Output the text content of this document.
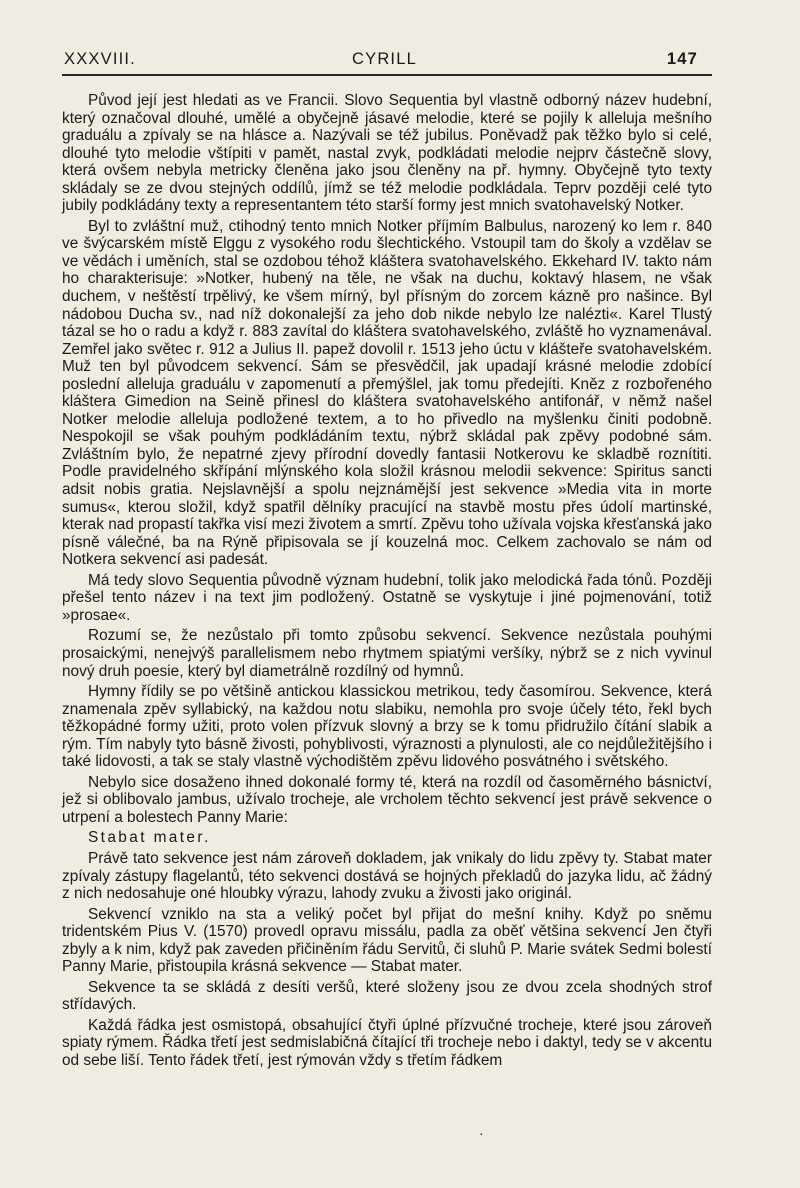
XXXVIII.	CYRILL	147

Původ její jest hledati as ve Francii. Slovo Sequentia byl vlastně odborný název hudební, který označoval dlouhé, umělé a obyčejně jásavé melodie, které se pojily k alleluja mešního graduálu a zpívaly se na hlásce a. Nazývali se též jubilus. Poněvadž pak těžko bylo si celé, dlouhé tyto melodie vštípiti v pamět, nastal zvyk, podkládati melodie nejprv částečně slovy, která ovšem nebyla metricky členěna jako jsou členěny na př. hymny. Obyčejně tyto texty skládaly se ze dvou stejných oddílů, jímž se též melodie podkládala. Teprv později celé tyto jubily podkládány texty a representantem této starší formy jest mnich svatohavelský Notker.

Byl to zvláštní muž, ctihodný tento mnich Notker příjmím Balbulus, narozený ko lem r. 840 ve švýcarském místě Elggu z vysokého rodu šlechtického. Vstoupil tam do školy a vzdělav se ve vědách i uměních, stal se ozdobou téhož kláštera svatohavelského. Ekkehard IV. takto nám ho charakterisuje: »Notker, hubený na těle, ne však na duchu, koktavý hlasem, ne však duchem, v neštěstí trpělivý, ke všem mírný, byl přísným do zorcem kázně pro našince. Byl nádobou Ducha sv., nad níž dokonalejší za jeho dob nikde nebylo lze nalézti«. Karel Tlustý tázal se ho o radu a když r. 883 zavítal do kláštera svatohavelského, zvláště ho vyznamenával. Zemřel jako světec r. 912 a Julius II. papež dovolil r. 1513 jeho úctu v klášteře svatohavelském. Muž ten byl původcem sekvencí. Sám se přesvědčil, jak upadají krásné melodie zdobící poslední alleluja graduálu v zapomenutí a přemýšlel, jak tomu předejíti. Kněz z rozbořeného kláštera Gimedion na Seině přinesl do kláštera svatohavelského antifonář, v němž našel Notker melodie alleluja podložené textem, a to ho přivedlo na myšlenku činiti podobně. Nespokojil se však pouhým podkládáním textu, nýbrž skládal pak zpěvy podobné sám. Zvláštním bylo, že nepatrné zjevy přírodní dovedly fantasii Notkerovu ke skladbě roznítiti. Podle pravidelného skřípání mlýnského kola složil krásnou melodii sekvence: Spiritus sancti adsit nobis gratia. Nejslavnější a spolu nejznámější jest sekvence »Media vita in morte sumus«, kterou složil, když spatřil dělníky pracující na stavbě mostu přes údolí martinské, kterak nad propastí takřka visí mezi životem a smrtí. Zpěvu toho užívala vojska křesťanská jako písně válečné, ba na Rýně připisovala se jí kouzelná moc. Celkem zachovalo se nám od Notkera sekvencí asi padesát.

Má tedy slovo Sequentia původně význam hudební, tolik jako melodická řada tónů. Později přešel tento název i na text jim podložený. Ostatně se vyskytuje i jiné pojmenování, totiž »prosae«.

Rozumí se, že nezůstalo při tomto způsobu sekvencí. Sekvence nezůstala pouhými prosaickými, nenejvýš parallelismem nebo rhytmem spiatými veršíky, nýbrž se z nich vyvinul nový druh poesie, který byl diametrálně rozdílný od hymnů.

Hymny řídily se po většině antickou klassickou metrikou, tedy časomírou. Sekvence, která znamenala zpěv syllabický, na každou notu slabiku, nemohla pro svoje účely této, řekl bych těžkopádné formy užiti, proto volen přízvuk slovný a brzy se k tomu přidružilo čítání slabik a rým. Tím nabyly tyto básně živosti, pohyblivosti, výraznosti a plynulosti, ale co nejdůležitějšího i také lidovosti, a tak se staly vlastně východištěm zpěvu lidového posvátného i světského.

Nebylo sice dosaženo ihned dokonalé formy té, která na rozdíl od časoměrného básnictví, jež si oblibovalo jambus, užívalo trocheje, ale vrcholem těchto sekvencí jest právě sekvence o utrpení a bolestech Panny Marie:

Stabat mater.

Právě tato sekvence jest nám zároveň dokladem, jak vnikaly do lidu zpěvy ty. Stabat mater zpívaly zástupy flagelantů, této sekvenci dostává se hojných překladů do jazyka lidu, ač žádný z nich nedosahuje oné hloubky výrazu, lahody zvuku a živosti jako originál.

Sekvencí vzniklo na sta a veliký počet byl přijat do mešní knihy. Když po sněmu tridentském Pius V. (1570) provedl opravu missálu, padla za oběť většina sekvencí Jen čtyři zbyly a k nim, když pak zaveden přičiněním řádu Servitů, či sluhů P. Marie svátek Sedmi bolestí Panny Marie, přistoupila krásná sekvence — Stabat mater.

Sekvence ta se skládá z desíti veršů, které složeny jsou ze dvou zcela shodných strof střídavých.

Každá řádka jest osmistopá, obsahující čtyři úplné přízvučné trocheje, které jsou zároveň spiaty rýmem. Řádka třetí jest sedmislabičná čítající tři trocheje nebo i daktyl, tedy se v akcentu od sebe liší. Tento řádek třetí, jest rýmován vždy s třetím řádkem

·
